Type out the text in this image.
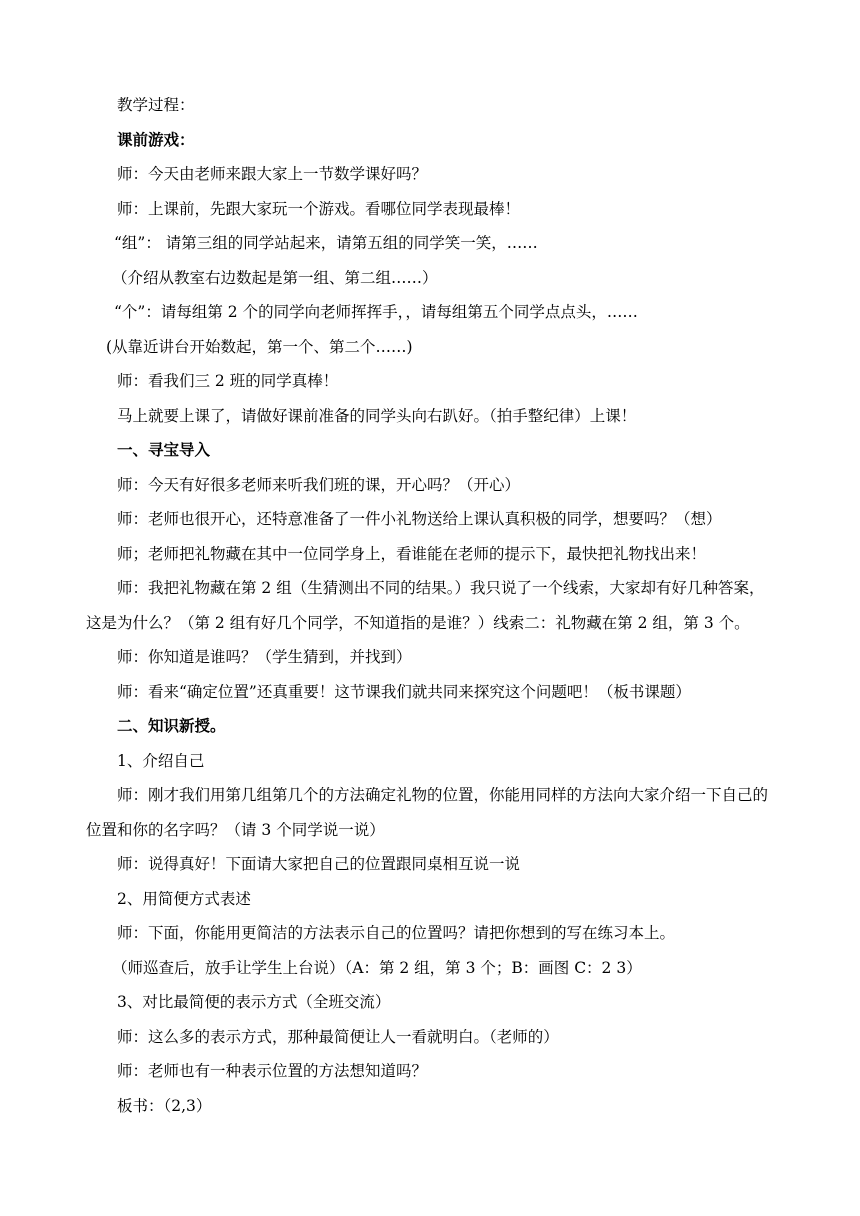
教学过程：

课前游戏：

师：今天由老师来跟大家上一节数学课好吗？

师：上课前，先跟大家玩一个游戏。看哪位同学表现最棒！

“组”： 请第三组的同学站起来，请第五组的同学笑一笑，……

（介绍从教室右边数起是第一组、第二组……）

“个”：请每组第 2 个的同学向老师挥挥手，，请每组第五个同学点点头，……

(从靠近讲台开始数起，第一个、第二个……)

师：看我们三 2 班的同学真棒！

马上就要上课了，请做好课前准备的同学头向右趴好。（拍手整纪律）上课！

一、寻宝导入

师：今天有好很多老师来听我们班的课，开心吗？（开心）

师：老师也很开心，还特意准备了一件小礼物送给上课认真积极的同学，想要吗？（想）

师；老师把礼物藏在其中一位同学身上，看谁能在老师的提示下，最快把礼物找出来！

师：我把礼物藏在第 2 组（生猜测出不同的结果。）我只说了一个线索，大家却有好几种答案，这是为什么？（第 2 组有好几个同学，不知道指的是谁？）线索二：礼物藏在第 2 组，第 3 个。

师：你知道是谁吗？（学生猜到，并找到）

师：看来“确定位置”还真重要！这节课我们就共同来探究这个问题吧！（板书课题）

二、知识新授。

1、介绍自己

师：刚才我们用第几组第几个的方法确定礼物的位置，你能用同样的方法向大家介绍一下自己的位置和你的名字吗？（请 3 个同学说一说）

师：说得真好！下面请大家把自己的位置跟同桌相互说一说

2、用简便方式表述

师：下面，你能用更简洁的方法表示自己的位置吗？请把你想到的写在练习本上。

（师巡查后，放手让学生上台说）（A：第 2 组，第 3 个；B：画图 C：2 3）

3、对比最简便的表示方式（全班交流）

师：这么多的表示方式，那种最简便让人一看就明白。（老师的）

师：老师也有一种表示位置的方法想知道吗？

板书：（2,3）
